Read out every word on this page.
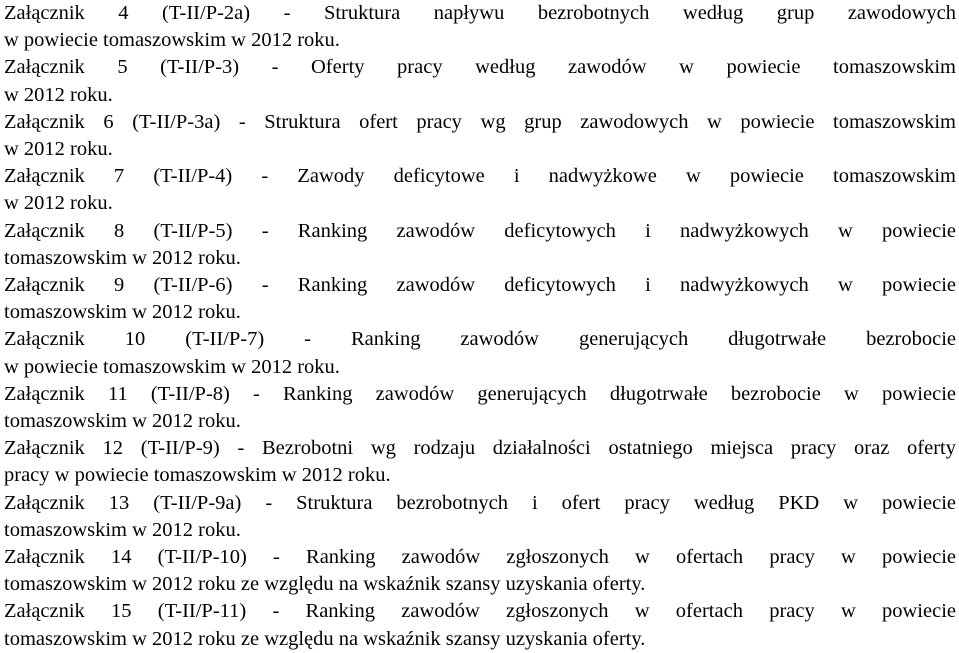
Załącznik 4 (T-II/P-2a) - Struktura napływu bezrobotnych według grup zawodowych
w powiecie tomaszowskim w 2012 roku.

Załącznik 5 (T-II/P-3) - Oferty pracy według zawodów w powiecie tomaszowskim
w 2012 roku.

Załącznik 6 (T-II/P-3a) - Struktura ofert pracy wg grup zawodowych w powiecie tomaszowskim
w 2012 roku.

Załącznik 7 (T-II/P-4) - Zawody deficytowe i nadwyżkowe w powiecie tomaszowskim
w 2012 roku.

Załącznik 8 (T-II/P-5) - Ranking zawodów deficytowych i nadwyżkowych w powiecie
tomaszowskim w 2012 roku.

Załącznik 9 (T-II/P-6) - Ranking zawodów deficytowych i nadwyżkowych w powiecie
tomaszowskim w 2012 roku.

Załącznik 10 (T-II/P-7) - Ranking zawodów generujących długotrwałe bezrobocie
w powiecie tomaszowskim w 2012 roku.

Załącznik 11 (T-II/P-8) - Ranking zawodów generujących długotrwałe bezrobocie w powiecie
tomaszowskim w 2012 roku.

Załącznik 12 (T-II/P-9) - Bezrobotni wg rodzaju działalności ostatniego miejsca pracy oraz oferty
pracy w powiecie tomaszowskim w 2012 roku.

Załącznik 13 (T-II/P-9a) - Struktura bezrobotnych i ofert pracy według PKD w powiecie
tomaszowskim w 2012 roku.

Załącznik 14 (T-II/P-10) - Ranking zawodów zgłoszonych w ofertach pracy w powiecie
tomaszowskim w 2012 roku ze względu na wskaźnik szansy uzyskania oferty.

Załącznik 15 (T-II/P-11) - Ranking zawodów zgłoszonych w ofertach pracy w powiecie
tomaszowskim w 2012 roku ze względu na wskaźnik szansy uzyskania oferty.
